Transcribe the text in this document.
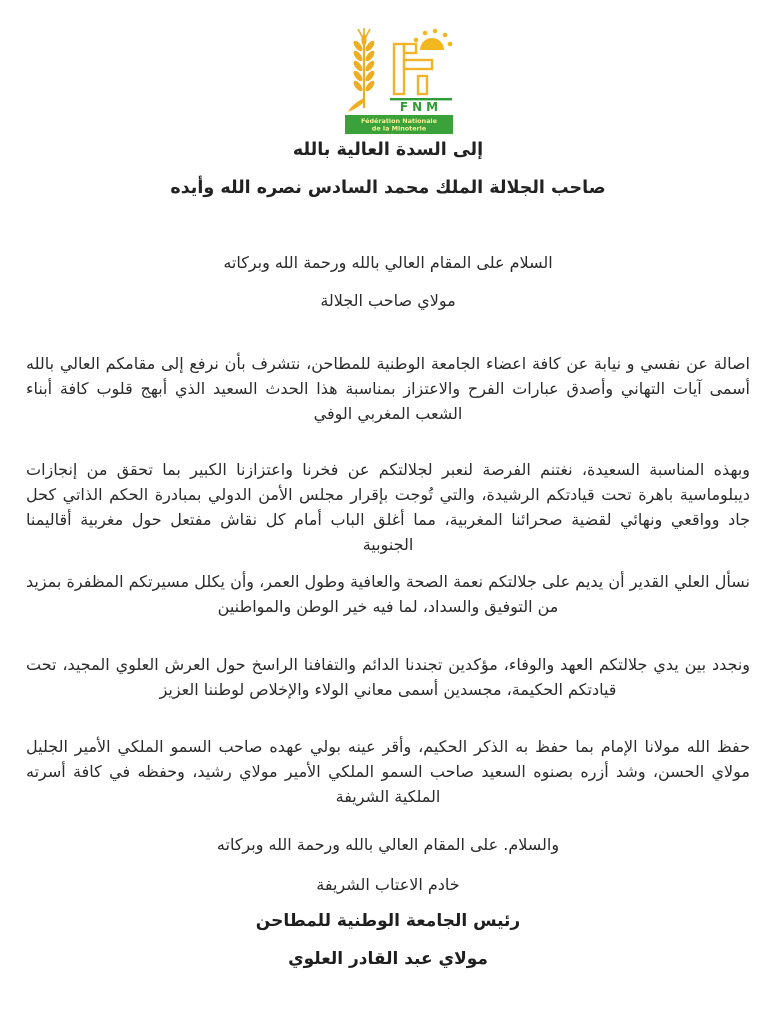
FNM
Fédération Nationale
de la Minoterie
إلى السدة العالية بالله
صاحب الجلالة الملك محمد السادس نصره الله وأيده
السلام على المقام العالي بالله ورحمة الله وبركاته
مولاي صاحب الجلالة

اصالة عن نفسي و نيابة عن كافة اعضاء الجامعة الوطنية للمطاحن، نتشرف بأن نرفع إلى مقامكم العالي بالله أسمى آيات التهاني وأصدق عبارات الفرح والاعتزاز بمناسبة هذا الحدث السعيد الذي أبهج قلوب كافة أبناء الشعب المغربي الوفي

وبهذه المناسبة السعيدة، نغتنم الفرصة لنعبر لجلالتكم عن فخرنا واعتزازنا الكبير بما تحقق من إنجازات ديبلوماسية باهرة تحت قيادتكم الرشيدة، والتي تُوجت بإقرار مجلس الأمن الدولي بمبادرة الحكم الذاتي كحل جاد وواقعي ونهائي لقضية صحرائنا المغربية، مما أغلق الباب أمام كل نقاش مفتعل حول مغربية أقاليمنا الجنوبية

نسأل العلي القدير أن يديم على جلالتكم نعمة الصحة والعافية وطول العمر، وأن يكلل مسيرتكم المظفرة بمزيد من التوفيق والسداد، لما فيه خير الوطن والمواطنين

ونجدد بين يدي جلالتكم العهد والوفاء، مؤكدين تجندنا الدائم والتفافنا الراسخ حول العرش العلوي المجيد، تحت قيادتكم الحكيمة، مجسدين أسمى معاني الولاء والإخلاص لوطننا العزيز

حفظ الله مولانا الإمام بما حفظ به الذكر الحكيم، وأقر عينه بولي عهده صاحب السمو الملكي الأمير الجليل مولاي الحسن، وشد أزره بصنوه السعيد صاحب السمو الملكي الأمير مولاي رشيد، وحفظه في كافة أسرته الملكية الشريفة

والسلام. على المقام العالي بالله ورحمة الله وبركاته
خادم الاعتاب الشريفة
رئيس الجامعة الوطنية للمطاحن
مولاي عبد القادر العلوي
